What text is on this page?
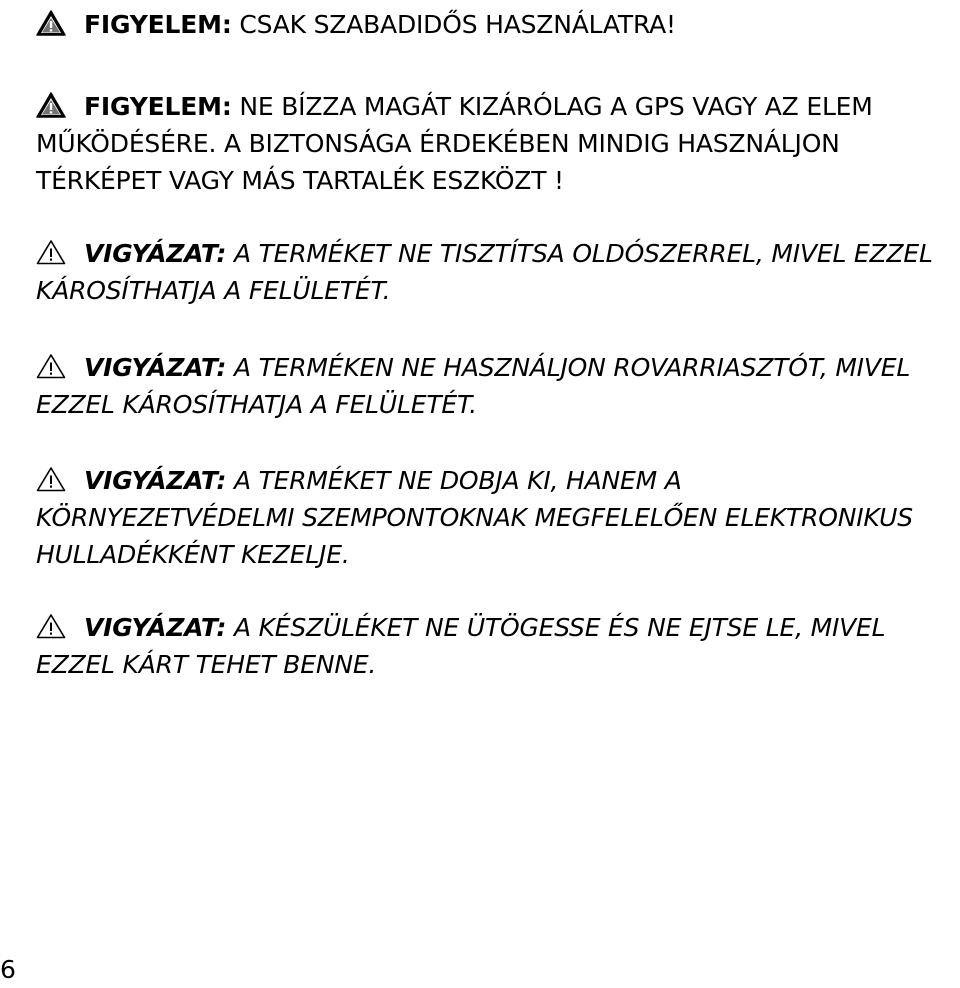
FIGYELEM: CSAK SZABADIDŐS HASZNÁLATRA!

FIGYELEM: NE BÍZZA MAGÁT KIZÁRÓLAG A GPS VAGY AZ ELEM MŰKÖDÉSÉRE. A BIZTONSÁGA ÉRDEKÉBEN MINDIG HASZNÁLJON TÉRKÉPET VAGY MÁS TARTALÉK ESZKÖZT !

VIGYÁZAT: A TERMÉKET NE TISZTÍTSA OLDÓSZERREL, MIVEL EZZEL KÁROSÍTHATJA A FELÜLETÉT.

VIGYÁZAT: A TERMÉKEN NE HASZNÁLJON ROVARRIASZTÓT, MIVEL EZZEL KÁROSÍTHATJA A FELÜLETÉT.

VIGYÁZAT: A TERMÉKET NE DOBJA KI, HANEM A KÖRNYEZETVÉDELMI SZEMPONTOKNAK MEGFELELŐEN ELEKTRONIKUS HULLADÉKKÉNT KEZELJE.

VIGYÁZAT: A KÉSZÜLÉKET NE ÜTÖGESSE ÉS NE EJTSE LE, MIVEL EZZEL KÁRT TEHET BENNE.

6
